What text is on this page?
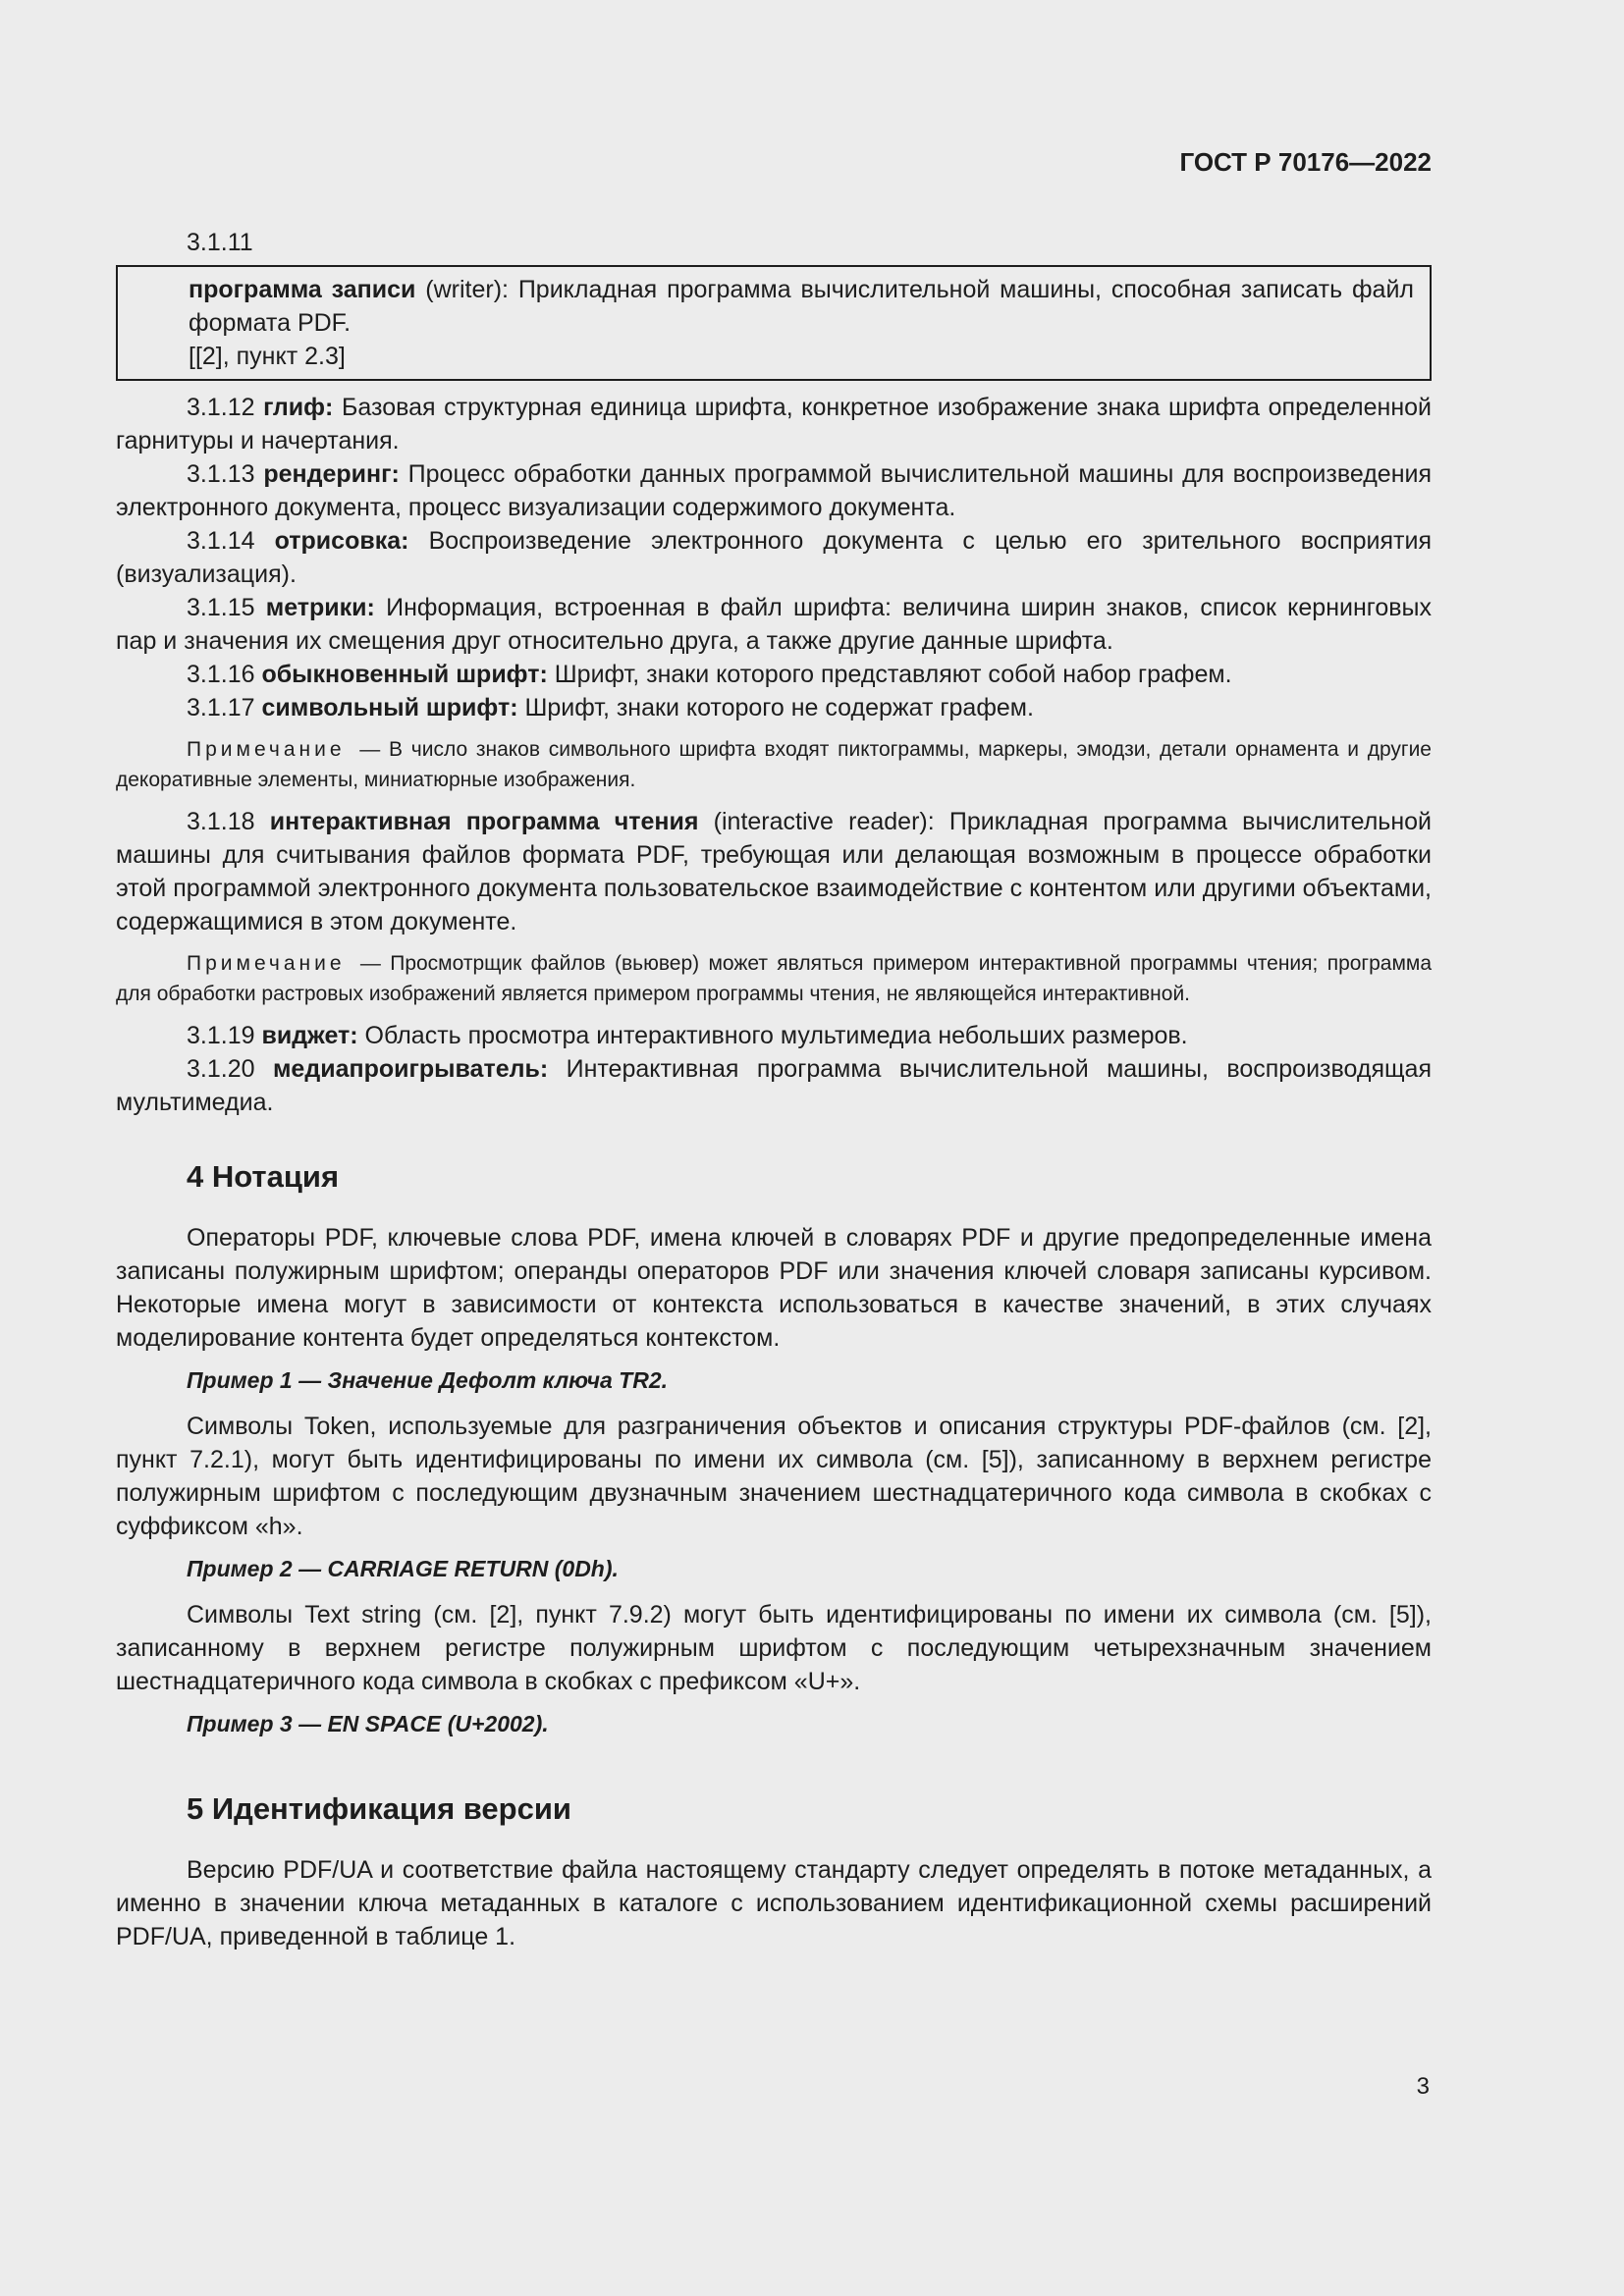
ГОСТ Р 70176—2022
3.1.11

программа записи (writer): Прикладная программа вычислительной машины, способная записать файл формата PDF.

[[2], пункт 2.3]

3.1.12 глиф: Базовая структурная единица шрифта, конкретное изображение знака шрифта определенной гарнитуры и начертания.

3.1.13 рендеринг: Процесс обработки данных программой вычислительной машины для воспроизведения электронного документа, процесс визуализации содержимого документа.

3.1.14 отрисовка: Воспроизведение электронного документа с целью его зрительного восприятия (визуализация).

3.1.15 метрики: Информация, встроенная в файл шрифта: величина ширин знаков, список кернинговых пар и значения их смещения друг относительно друга, а также другие данные шрифта.

3.1.16 обыкновенный шрифт: Шрифт, знаки которого представляют собой набор графем.

3.1.17 символьный шрифт: Шрифт, знаки которого не содержат графем.

Примечание — В число знаков символьного шрифта входят пиктограммы, маркеры, эмодзи, детали орнамента и другие декоративные элементы, миниатюрные изображения.

3.1.18 интерактивная программа чтения (interactive reader): Прикладная программа вычислительной машины для считывания файлов формата PDF, требующая или делающая возможным в процессе обработки этой программой электронного документа пользовательское взаимодействие с контентом или другими объектами, содержащимися в этом документе.

Примечание — Просмотрщик файлов (вьювер) может являться примером интерактивной программы чтения; программа для обработки растровых изображений является примером программы чтения, не являющейся интерактивной.

3.1.19 виджет: Область просмотра интерактивного мультимедиа небольших размеров.

3.1.20 медиапроигрыватель: Интерактивная программа вычислительной машины, воспроизводящая мультимедиа.

4 Нотация

Операторы PDF, ключевые слова PDF, имена ключей в словарях PDF и другие предопределенные имена записаны полужирным шрифтом; операнды операторов PDF или значения ключей словаря записаны курсивом. Некоторые имена могут в зависимости от контекста использоваться в качестве значений, в этих случаях моделирование контента будет определяться контекстом.

Пример 1 — Значение Дефолт ключа TR2.

Символы Token, используемые для разграничения объектов и описания структуры PDF-файлов (см. [2], пункт 7.2.1), могут быть идентифицированы по имени их символа (см. [5]), записанному в верхнем регистре полужирным шрифтом с последующим двузначным значением шестнадцатеричного кода символа в скобках с суффиксом «h».

Пример 2 — CARRIAGE RETURN (0Dh).

Символы Text string (см. [2], пункт 7.9.2) могут быть идентифицированы по имени их символа (см. [5]), записанному в верхнем регистре полужирным шрифтом с последующим четырехзначным значением шестнадцатеричного кода символа в скобках с префиксом «U+».

Пример 3 — EN SPACE (U+2002).

5 Идентификация версии

Версию PDF/UA и соответствие файла настоящему стандарту следует определять в потоке метаданных, а именно в значении ключа метаданных в каталоге с использованием идентификационной схемы расширений PDF/UA, приведенной в таблице 1.

3
